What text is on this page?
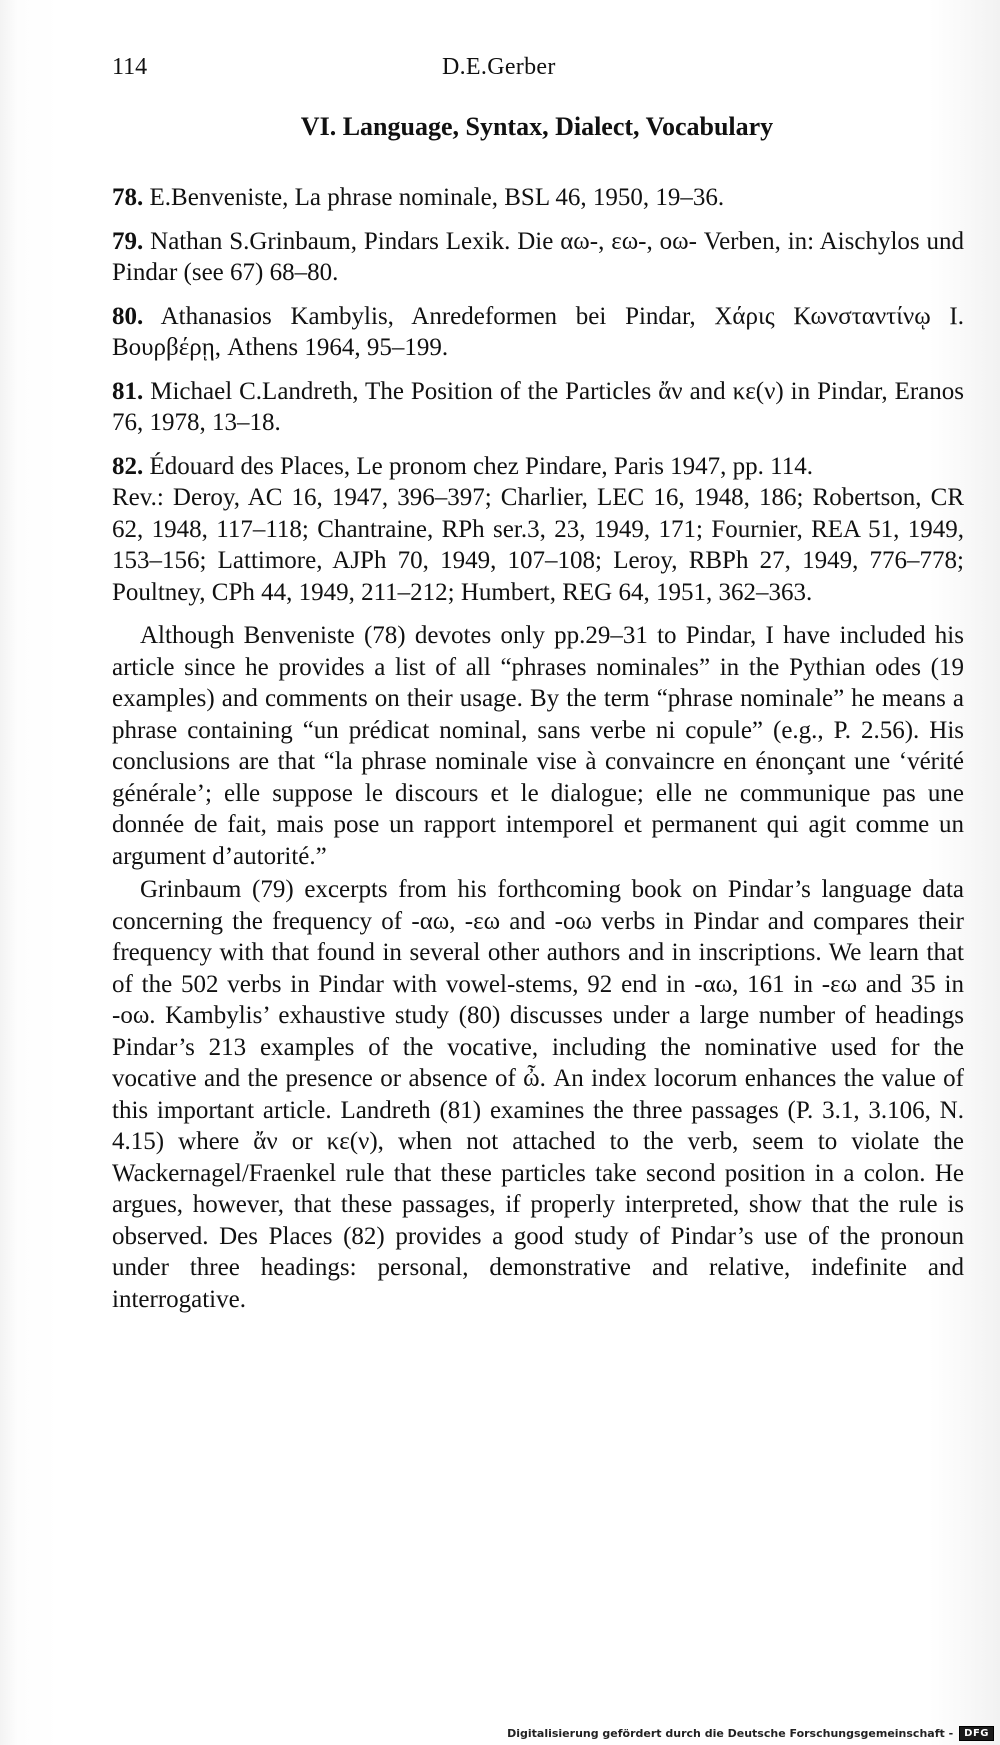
114	D.E.Gerber
VI. Language, Syntax, Dialect, Vocabulary

78. E.Benveniste, La phrase nominale, BSL 46, 1950, 19–36.

79. Nathan S.Grinbaum, Pindars Lexik. Die αω-, εω-, οω- Verben, in: Aischylos und Pindar (see 67) 68–80.

80. Athanasios Kambylis, Anredeformen bei Pindar, Χάρις Κωνσταντίνῳ Ι. Βουρβέρῃ, Athens 1964, 95–199.

81. Michael C.Landreth, The Position of the Particles ἄν and κε(ν) in Pindar, Eranos 76, 1978, 13–18.

82. Édouard des Places, Le pronom chez Pindare, Paris 1947, pp. 114.

Rev.: Deroy, AC 16, 1947, 396–397; Charlier, LEC 16, 1948, 186; Robertson, CR 62, 1948, 117–118; Chantraine, RPh ser.3, 23, 1949, 171; Fournier, REA 51, 1949, 153–156; Lattimore, AJPh 70, 1949, 107–108; Leroy, RBPh 27, 1949, 776–778; Poultney, CPh 44, 1949, 211–212; Humbert, REG 64, 1951, 362–363.

Although Benveniste (78) devotes only pp.29–31 to Pindar, I have included his article since he provides a list of all “phrases nominales” in the Pythian odes (19 examples) and comments on their usage. By the term “phrase nominale” he means a phrase containing “un prédicat nominal, sans verbe ni copule” (e.g., P. 2.56). His conclusions are that “la phrase nominale vise à convaincre en énonçant une ‘vérité générale’; elle suppose le discours et le dialogue; elle ne communique pas une donnée de fait, mais pose un rapport intemporel et permanent qui agit comme un argument d’autorité.”

Grinbaum (79) excerpts from his forthcoming book on Pindar’s language data concerning the frequency of -αω, -εω and -οω verbs in Pindar and compares their frequency with that found in several other authors and in inscriptions. We learn that of the 502 verbs in Pindar with vowel-stems, 92 end in -αω, 161 in -εω and 35 in -οω. Kambylis’ exhaustive study (80) discusses under a large number of headings Pindar’s 213 examples of the vocative, including the nominative used for the vocative and the presence or absence of ὦ. An index locorum enhances the value of this important article. Landreth (81) examines the three passages (P. 3.1, 3.106, N. 4.15) where ἄν or κε(ν), when not attached to the verb, seem to violate the Wackernagel/Fraenkel rule that these particles take second position in a colon. He argues, however, that these passages, if properly interpreted, show that the rule is observed. Des Places (82) provides a good study of Pindar’s use of the pronoun under three headings: personal, demonstrative and relative, indefinite and interrogative.

Digitalisierung gefördert durch die Deutsche Forschungsgemeinschaft -	DFG
